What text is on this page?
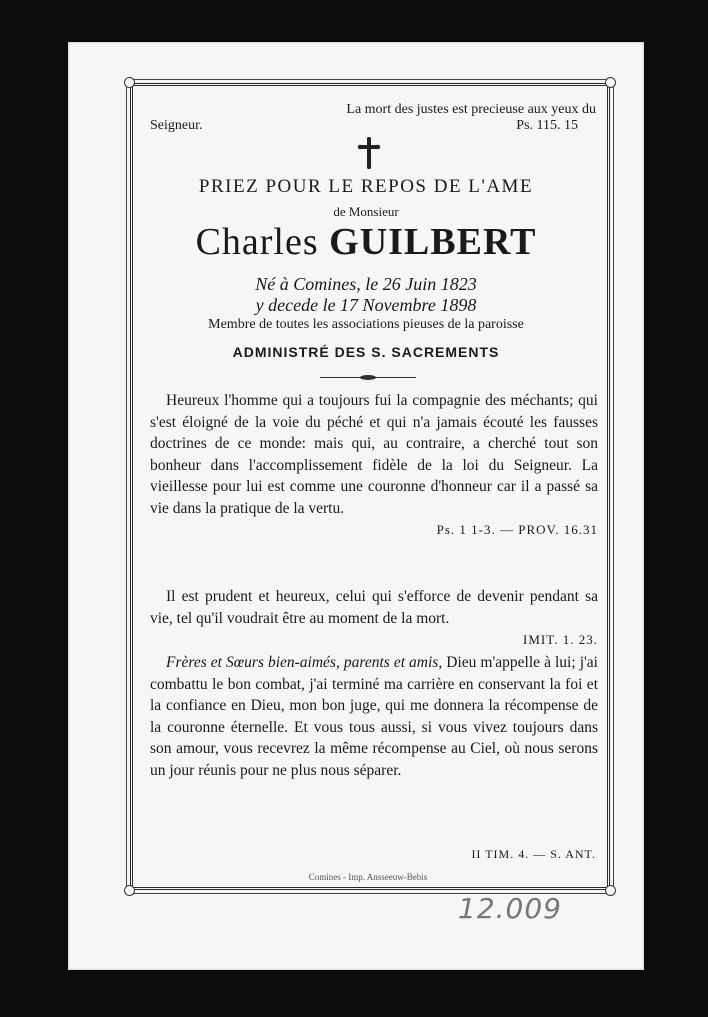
La mort des justes est precieuse aux yeux du
Seigneur.	Ps. 115. 15
PRIEZ POUR LE REPOS DE L'AME
de Monsieur
Charles GUILBERT
Né à Comines, le 26 Juin 1823
y decede le 17 Novembre 1898
Membre de toutes les associations pieuses de la paroisse
ADMINISTRÉ DES S. SACREMENTS
Heureux l'homme qui a toujours fui la compagnie des méchants; qui s'est éloigné de la voie du péché et qui n'a jamais écouté les fausses doctrines de ce monde: mais qui, au contraire, a cherché tout son bonheur dans l'accomplissement fidèle de la loi du Seigneur. La vieillesse pour lui est comme une couronne d'honneur car il a passé sa vie dans la pratique de la vertu.
Ps. 1 1-3. — PROV. 16.31
Il est prudent et heureux, celui qui s'efforce de devenir pendant sa vie, tel qu'il voudrait être au moment de la mort.
IMIT. 1. 23.
Frères et Sœurs bien-aimés, parents et amis, Dieu m'appelle à lui; j'ai combattu le bon combat, j'ai terminé ma carrière en conservant la foi et la confiance en Dieu, mon bon juge, qui me donnera la récompense de la couronne éternelle. Et vous tous aussi, si vous vivez toujours dans son amour, vous recevrez la même récompense au Ciel, où nous serons un jour réunis pour ne plus nous séparer.
II TIM. 4. — S. ANT.
Comines - Imp. Ansseeuw-Bebis
12.009
